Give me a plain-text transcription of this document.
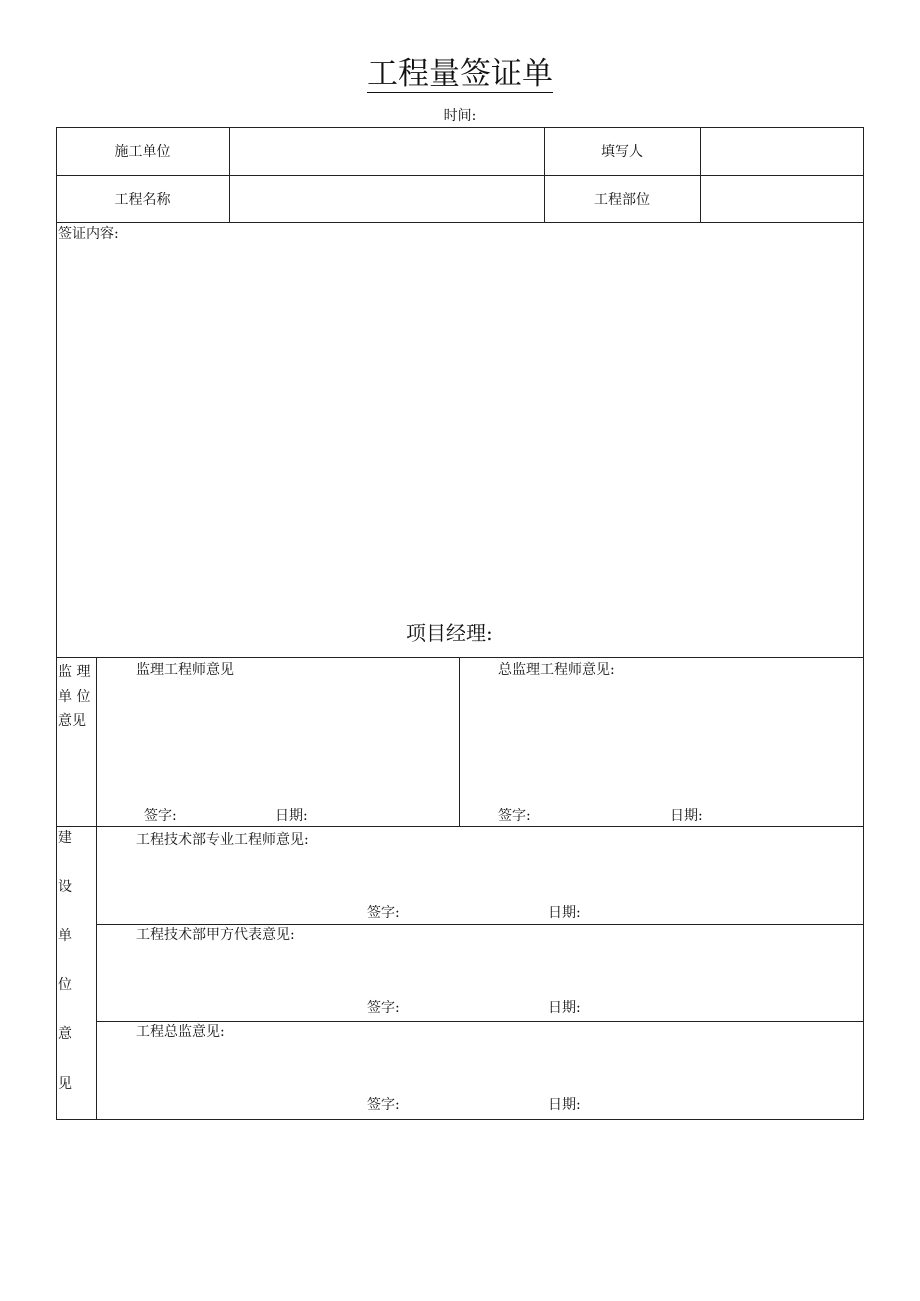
工程量签证单
时间:
施工单位	填写人
工程名称	工程部位
签证内容:
项目经理:
监 理
单 位
意见
监理工程师意见
签字:	日期:
总监理工程师意见:
签字:	日期:
建
设
单
位
意
见
工程技术部专业工程师意见:
签字:	日期:
工程技术部甲方代表意见:
签字:	日期:
工程总监意见:
签字:	日期:
